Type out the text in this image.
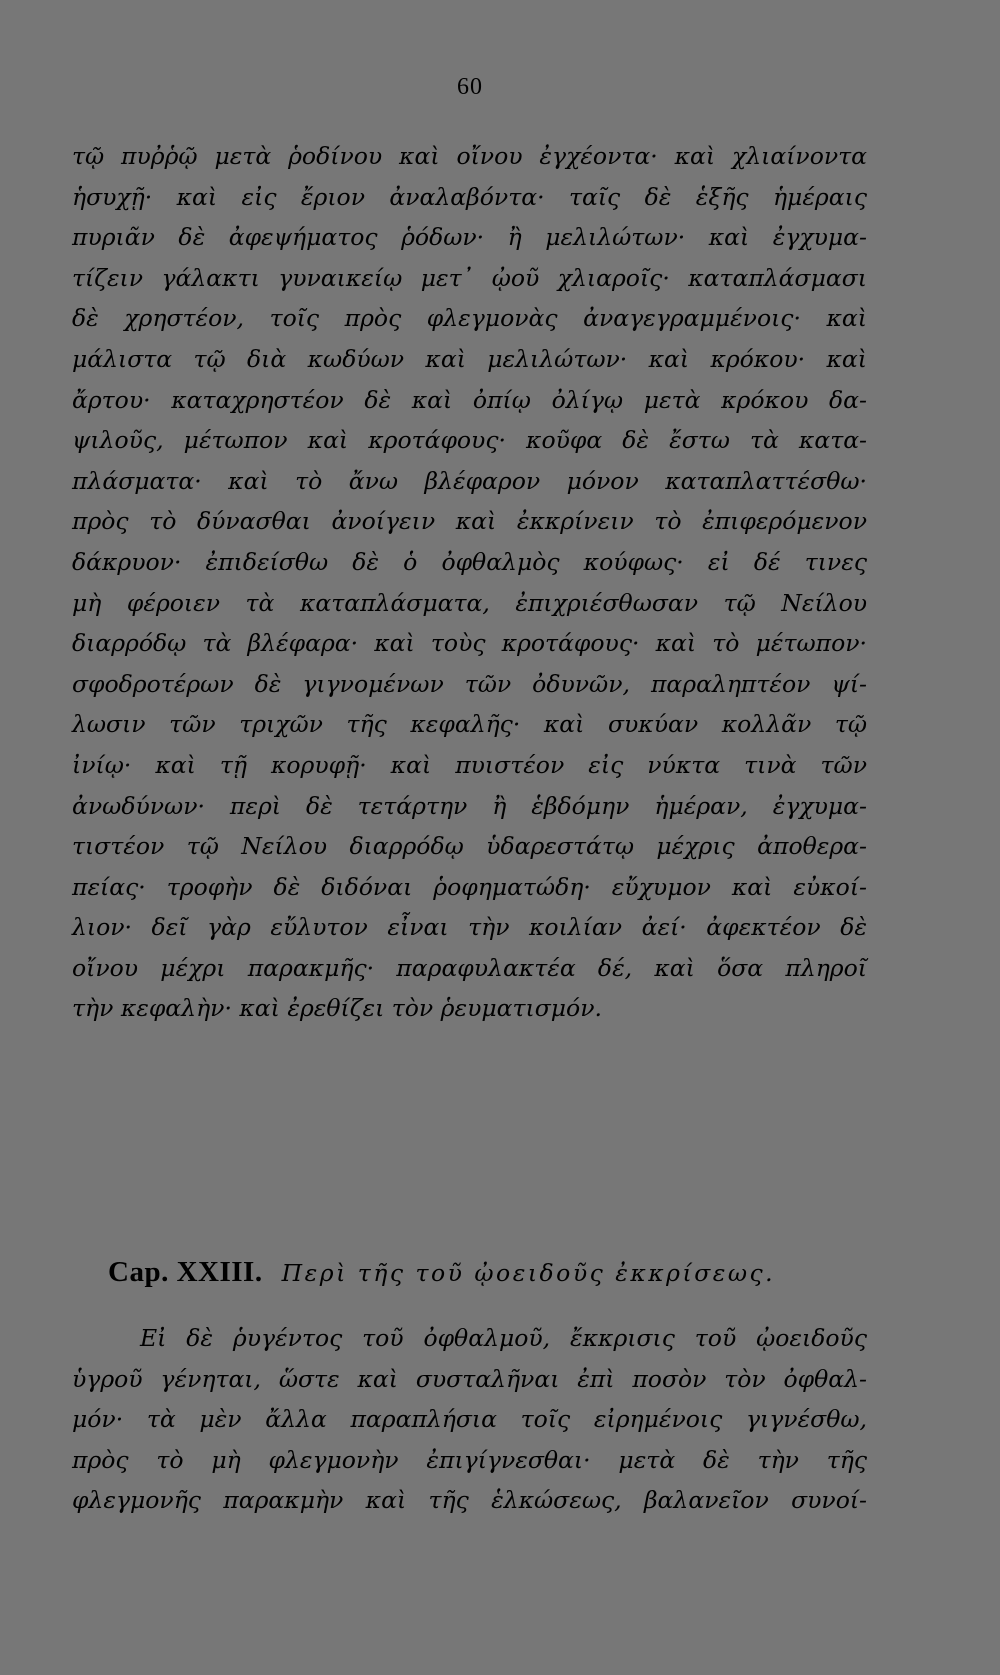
60
τῷ πυῤῥῷ μετὰ ῥοδίνου καὶ οἴνου ἐγχέοντα· καὶ χλιαίνοντα
ἡσυχῇ· καὶ εἰς ἔριον ἀναλαβόντα· ταῖς δὲ ἑξῆς ἡμέραις
πυριᾶν δὲ ἀφεψήματος ῥόδων· ἢ μελιλώτων· καὶ ἐγχυμα-
τίζειν γάλακτι γυναικείῳ μετ᾽ ᾠοῦ χλιαροῖς· καταπλάσμασι
δὲ χρηστέον, τοῖς πρὸς φλεγμονὰς ἀναγεγραμμένοις· καὶ
μάλιστα τῷ διὰ κωδύων καὶ μελιλώτων· καὶ κρόκου· καὶ
ἄρτου· καταχρηστέον δὲ καὶ ὀπίῳ ὀλίγῳ μετὰ κρόκου δα-
ψιλοῦς, μέτωπον καὶ κροτάφους· κοῦφα δὲ ἔστω τὰ κατα-
πλάσματα· καὶ τὸ ἄνω βλέφαρον μόνον καταπλαττέσθω·
πρὸς τὸ δύνασθαι ἀνοίγειν καὶ ἐκκρίνειν τὸ ἐπιφερόμενον
δάκρυον· ἐπιδείσθω δὲ ὁ ὀφθαλμὸς κούφως· εἰ δέ τινες
μὴ φέροιεν τὰ καταπλάσματα, ἐπιχριέσθωσαν τῷ Νείλου
διαρρόδῳ τὰ βλέφαρα· καὶ τοὺς κροτάφους· καὶ τὸ μέτωπον·
σφοδροτέρων δὲ γιγνομένων τῶν ὀδυνῶν, παραληπτέον ψί-
λωσιν τῶν τριχῶν τῆς κεφαλῆς· καὶ συκύαν κολλᾶν τῷ
ἰνίῳ· καὶ τῇ κορυφῇ· καὶ πυιστέον εἰς νύκτα τινὰ τῶν
ἀνωδύνων· περὶ δὲ τετάρτην ἢ ἑβδόμην ἡμέραν, ἐγχυμα-
τιστέον τῷ Νείλου διαρρόδῳ ὑδαρεστάτῳ μέχρις ἀποθερα-
πείας· τροφὴν δὲ διδόναι ῥοφηματώδη· εὔχυμον καὶ εὐκοί-
λιον· δεῖ γὰρ εὔλυτον εἶναι τὴν κοιλίαν ἀεί· ἀφεκτέον δὲ
οἴνου μέχρι παρακμῆς· παραφυλακτέα δέ, καὶ ὅσα πληροῖ
τὴν κεφαλὴν· καὶ ἐρεθίζει τὸν ῥευματισμόν.
Cap. XXIII. Περὶ τῆς τοῦ ᾠοειδοῦς ἐκκρίσεως.
Εἰ δὲ ῥυγέντος τοῦ ὀφθαλμοῦ, ἔκκρισις τοῦ ᾠοειδοῦς
ὑγροῦ γένηται, ὥστε καὶ συσταλῆναι ἐπὶ ποσὸν τὸν ὀφθαλ-
μόν· τὰ μὲν ἄλλα παραπλήσια τοῖς εἰρημένοις γιγνέσθω,
πρὸς τὸ μὴ φλεγμονὴν ἐπιγίγνεσθαι· μετὰ δὲ τὴν τῆς
φλεγμονῆς παρακμὴν καὶ τῆς ἑλκώσεως, βαλανεῖον συνοί-
